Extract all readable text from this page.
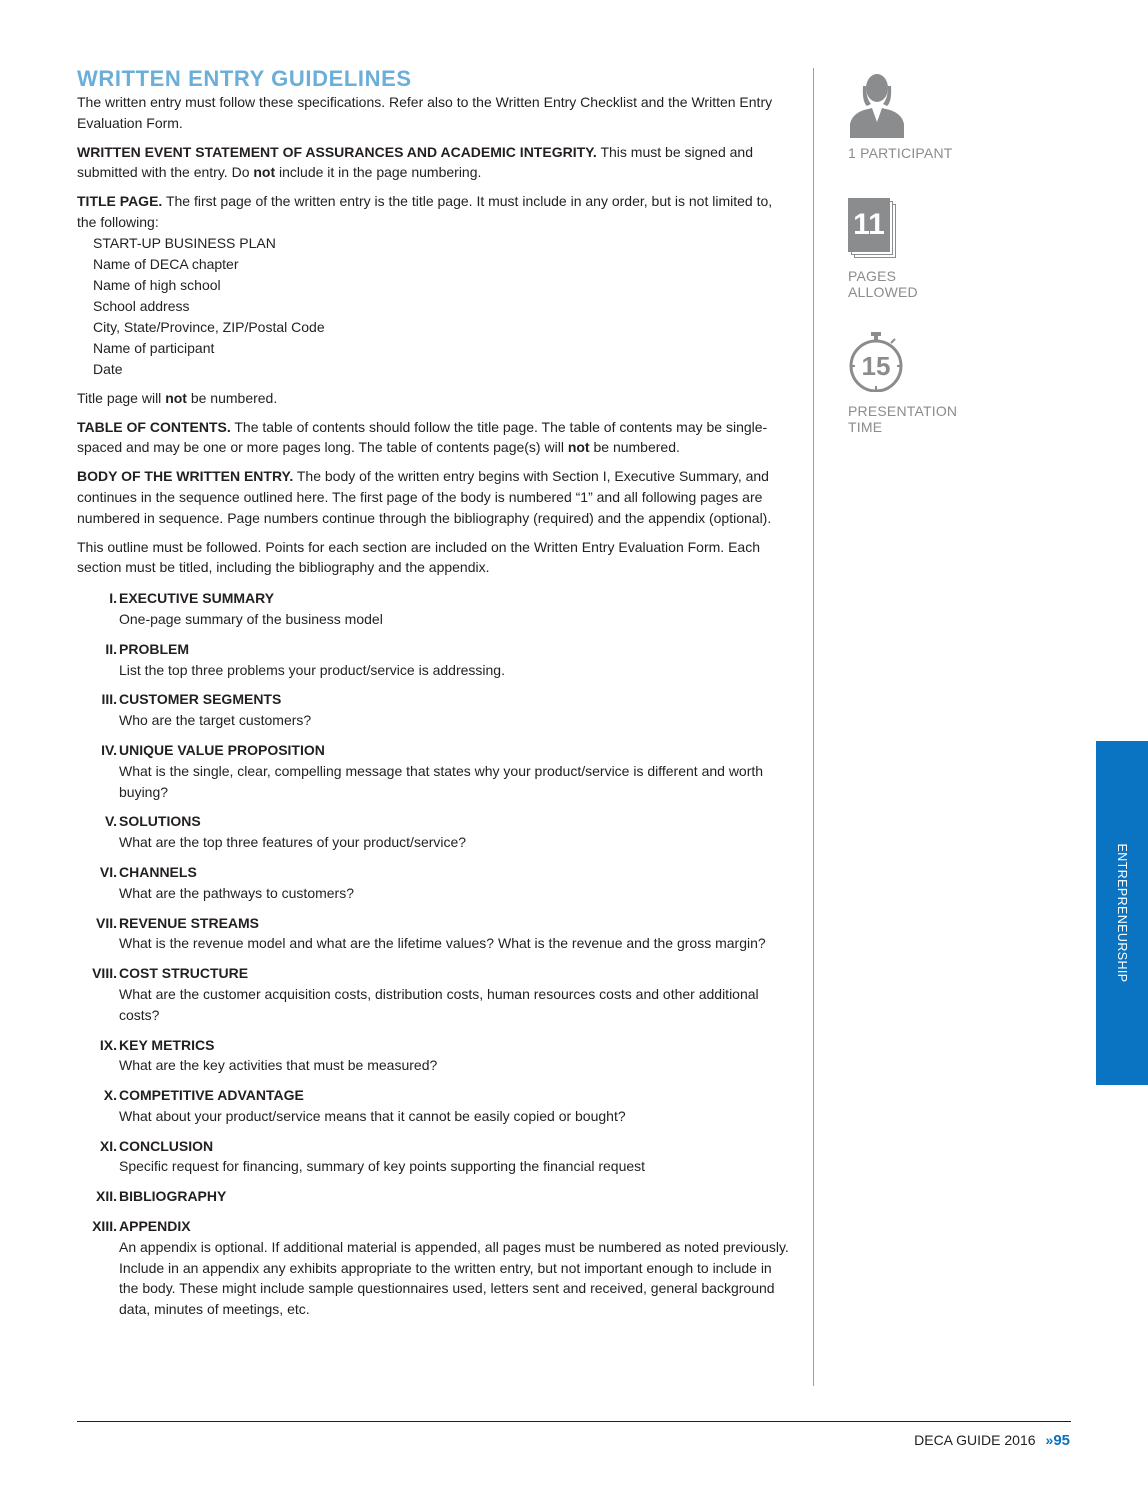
WRITTEN ENTRY GUIDELINES

The written entry must follow these specifications. Refer also to the Written Entry Checklist and the Written Entry Evaluation Form.

WRITTEN EVENT STATEMENT OF ASSURANCES AND ACADEMIC INTEGRITY. This must be signed and submitted with the entry. Do not include it in the page numbering.

TITLE PAGE. The first page of the written entry is the title page. It must include in any order, but is not limited to, the following:

START-UP BUSINESS PLAN
Name of DECA chapter
Name of high school
School address
City, State/Province, ZIP/Postal Code
Name of participant
Date

Title page will not be numbered.

TABLE OF CONTENTS. The table of contents should follow the title page. The table of contents may be single-spaced and may be one or more pages long. The table of contents page(s) will not be numbered.

BODY OF THE WRITTEN ENTRY. The body of the written entry begins with Section I, Executive Summary, and continues in the sequence outlined here. The first page of the body is numbered “1” and all following pages are numbered in sequence. Page numbers continue through the bibliography (required) and the appendix (optional).

This outline must be followed. Points for each section are included on the Written Entry Evaluation Form. Each section must be titled, including the bibliography and the appendix.

I. EXECUTIVE SUMMARY
One-page summary of the business model
II. PROBLEM
List the top three problems your product/service is addressing.
III. CUSTOMER SEGMENTS
Who are the target customers?
IV. UNIQUE VALUE PROPOSITION
What is the single, clear, compelling message that states why your product/service is different and worth buying?
V. SOLUTIONS
What are the top three features of your product/service?
VI. CHANNELS
What are the pathways to customers?
VII. REVENUE STREAMS
What is the revenue model and what are the lifetime values? What is the revenue and the gross margin?
VIII. COST STRUCTURE
What are the customer acquisition costs, distribution costs, human resources costs and other additional costs?
IX. KEY METRICS
What are the key activities that must be measured?
X. COMPETITIVE ADVANTAGE
What about your product/service means that it cannot be easily copied or bought?
XI. CONCLUSION
Specific request for financing, summary of key points supporting the financial request
XII. BIBLIOGRAPHY
XIII. APPENDIX
An appendix is optional. If additional material is appended, all pages must be numbered as noted previously. Include in an appendix any exhibits appropriate to the written entry, but not important enough to include in the body. These might include sample questionnaires used, letters sent and received, general background data, minutes of meetings, etc.
1 PARTICIPANT
11
PAGES
ALLOWED
15
PRESENTATION
TIME
ENTREPRENEURSHIP
DECA GUIDE 2016 »95
